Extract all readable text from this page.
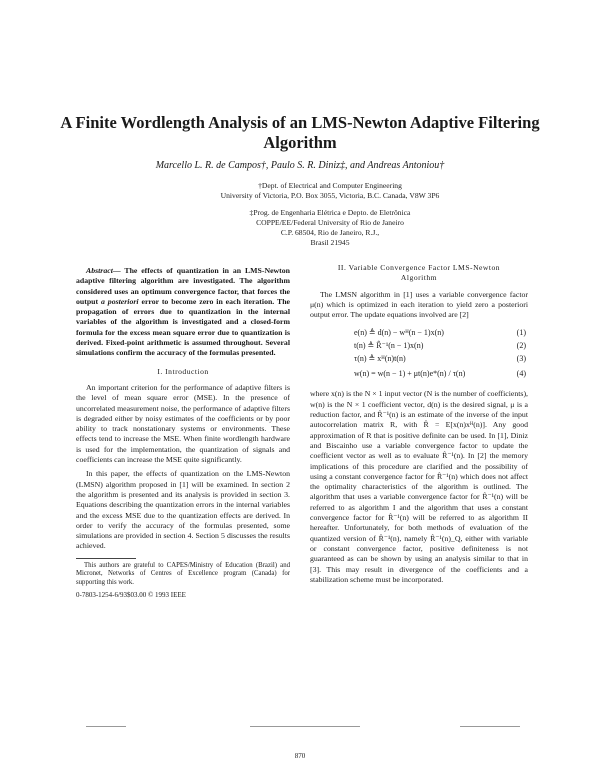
A Finite Wordlength Analysis of an LMS-Newton Adaptive Filtering Algorithm
Marcello L. R. de Campos†, Paulo S. R. Diniz‡, and Andreas Antoniou†
†Dept. of Electrical and Computer Engineering
University of Victoria, P.O. Box 3055, Victoria, B.C. Canada, V8W 3P6
‡Prog. de Engenharia Elétrica e Depto. de Eletrônica
COPPE/EE/Federal University of Rio de Janeiro
C.P. 68504, Rio de Janeiro, R.J.,
Brasil 21945

Abstract— The effects of quantization in an LMS-Newton adaptive filtering algorithm are investigated. The algorithm considered uses an optimum convergence factor, that forces the output a posteriori error to become zero in each iteration. The propagation of errors due to quantization in the internal variables of the algorithm is investigated and a closed-form formula for the excess mean square error due to quantization is derived. Fixed-point arithmetic is assumed throughout. Several simulations confirm the accuracy of the formulas presented.

I. Introduction

An important criterion for the performance of adaptive filters is the level of mean square error (MSE). In the presence of uncorrelated measurement noise, the performance of adaptive filters is degraded either by noisy estimates of the coefficients or by poor ability to track nonstationary systems or environments. These effects tend to increase the MSE. When finite wordlength hardware is used for the implementation, the quantization of signals and coefficients can increase the MSE quite significantly.

In this paper, the effects of quantization on the LMS-Newton (LMSN) algorithm proposed in [1] will be examined. In section 2 the algorithm is presented and its analysis is provided in section 3. Equations describing the quantization errors in the internal variables and the excess MSE due to the quantization effects are derived. In order to verify the accuracy of the formulas presented, some simulations are provided in section 4. Section 5 discusses the results achieved.

This authors are grateful to CAPES/Ministry of Education (Brazil) and Micronet, Networks of Centres of Excellence program (Canada) for supporting this work.

0-7803-1254-6/93$03.00 © 1993 IEEE
II. Variable Convergence Factor LMS-Newton
Algorithm

The LMSN algorithm in [1] uses a variable convergence factor μ(n) which is optimized in each iteration to yield zero a posteriori output error. The update equations involved are [2]

e(n) ≜ d(n) − wᴴ(n − 1)x(n)	(1)
t(n) ≜ R̂⁻¹(n − 1)x(n)	(2)
τ(n) ≜ xᴴ(n)t(n)	(3)
w(n) = w(n − 1) + μt(n)e*(n) / τ(n)	(4)

where x(n) is the N × 1 input vector (N is the number of coefficients), w(n) is the N × 1 coefficient vector, d(n) is the desired signal, μ is a reduction factor, and R̂⁻¹(n) is an estimate of the inverse of the input autocorrelation matrix R, with R̂ = E[x(n)xᴴ(n)]. Any good approximation of R that is positive definite can be used. In [1], Diniz and Biscainho use a variable convergence factor to update the coefficient vector as well as to evaluate R̂⁻¹(n). In [2] the memory implications of this procedure are clarified and the possibility of using a constant convergence factor for R̂⁻¹(n) which does not affect the optimality characteristics of the algorithm is outlined. The algorithm that uses a variable convergence factor for R̂⁻¹(n) will be referred to as algorithm I and the algorithm that uses a constant convergence factor for R̂⁻¹(n) will be referred to as algorithm II hereafter. Unfortunately, for both methods of evaluation of the quantized version of R̂⁻¹(n), namely R̂⁻¹(n)_Q, either with variable or constant convergence factor, positive definiteness is not guaranteed as can be shown by using an analysis similar to that in [3]. This may result in divergence of the coefficients and a stabilization scheme must be incorporated.

870
